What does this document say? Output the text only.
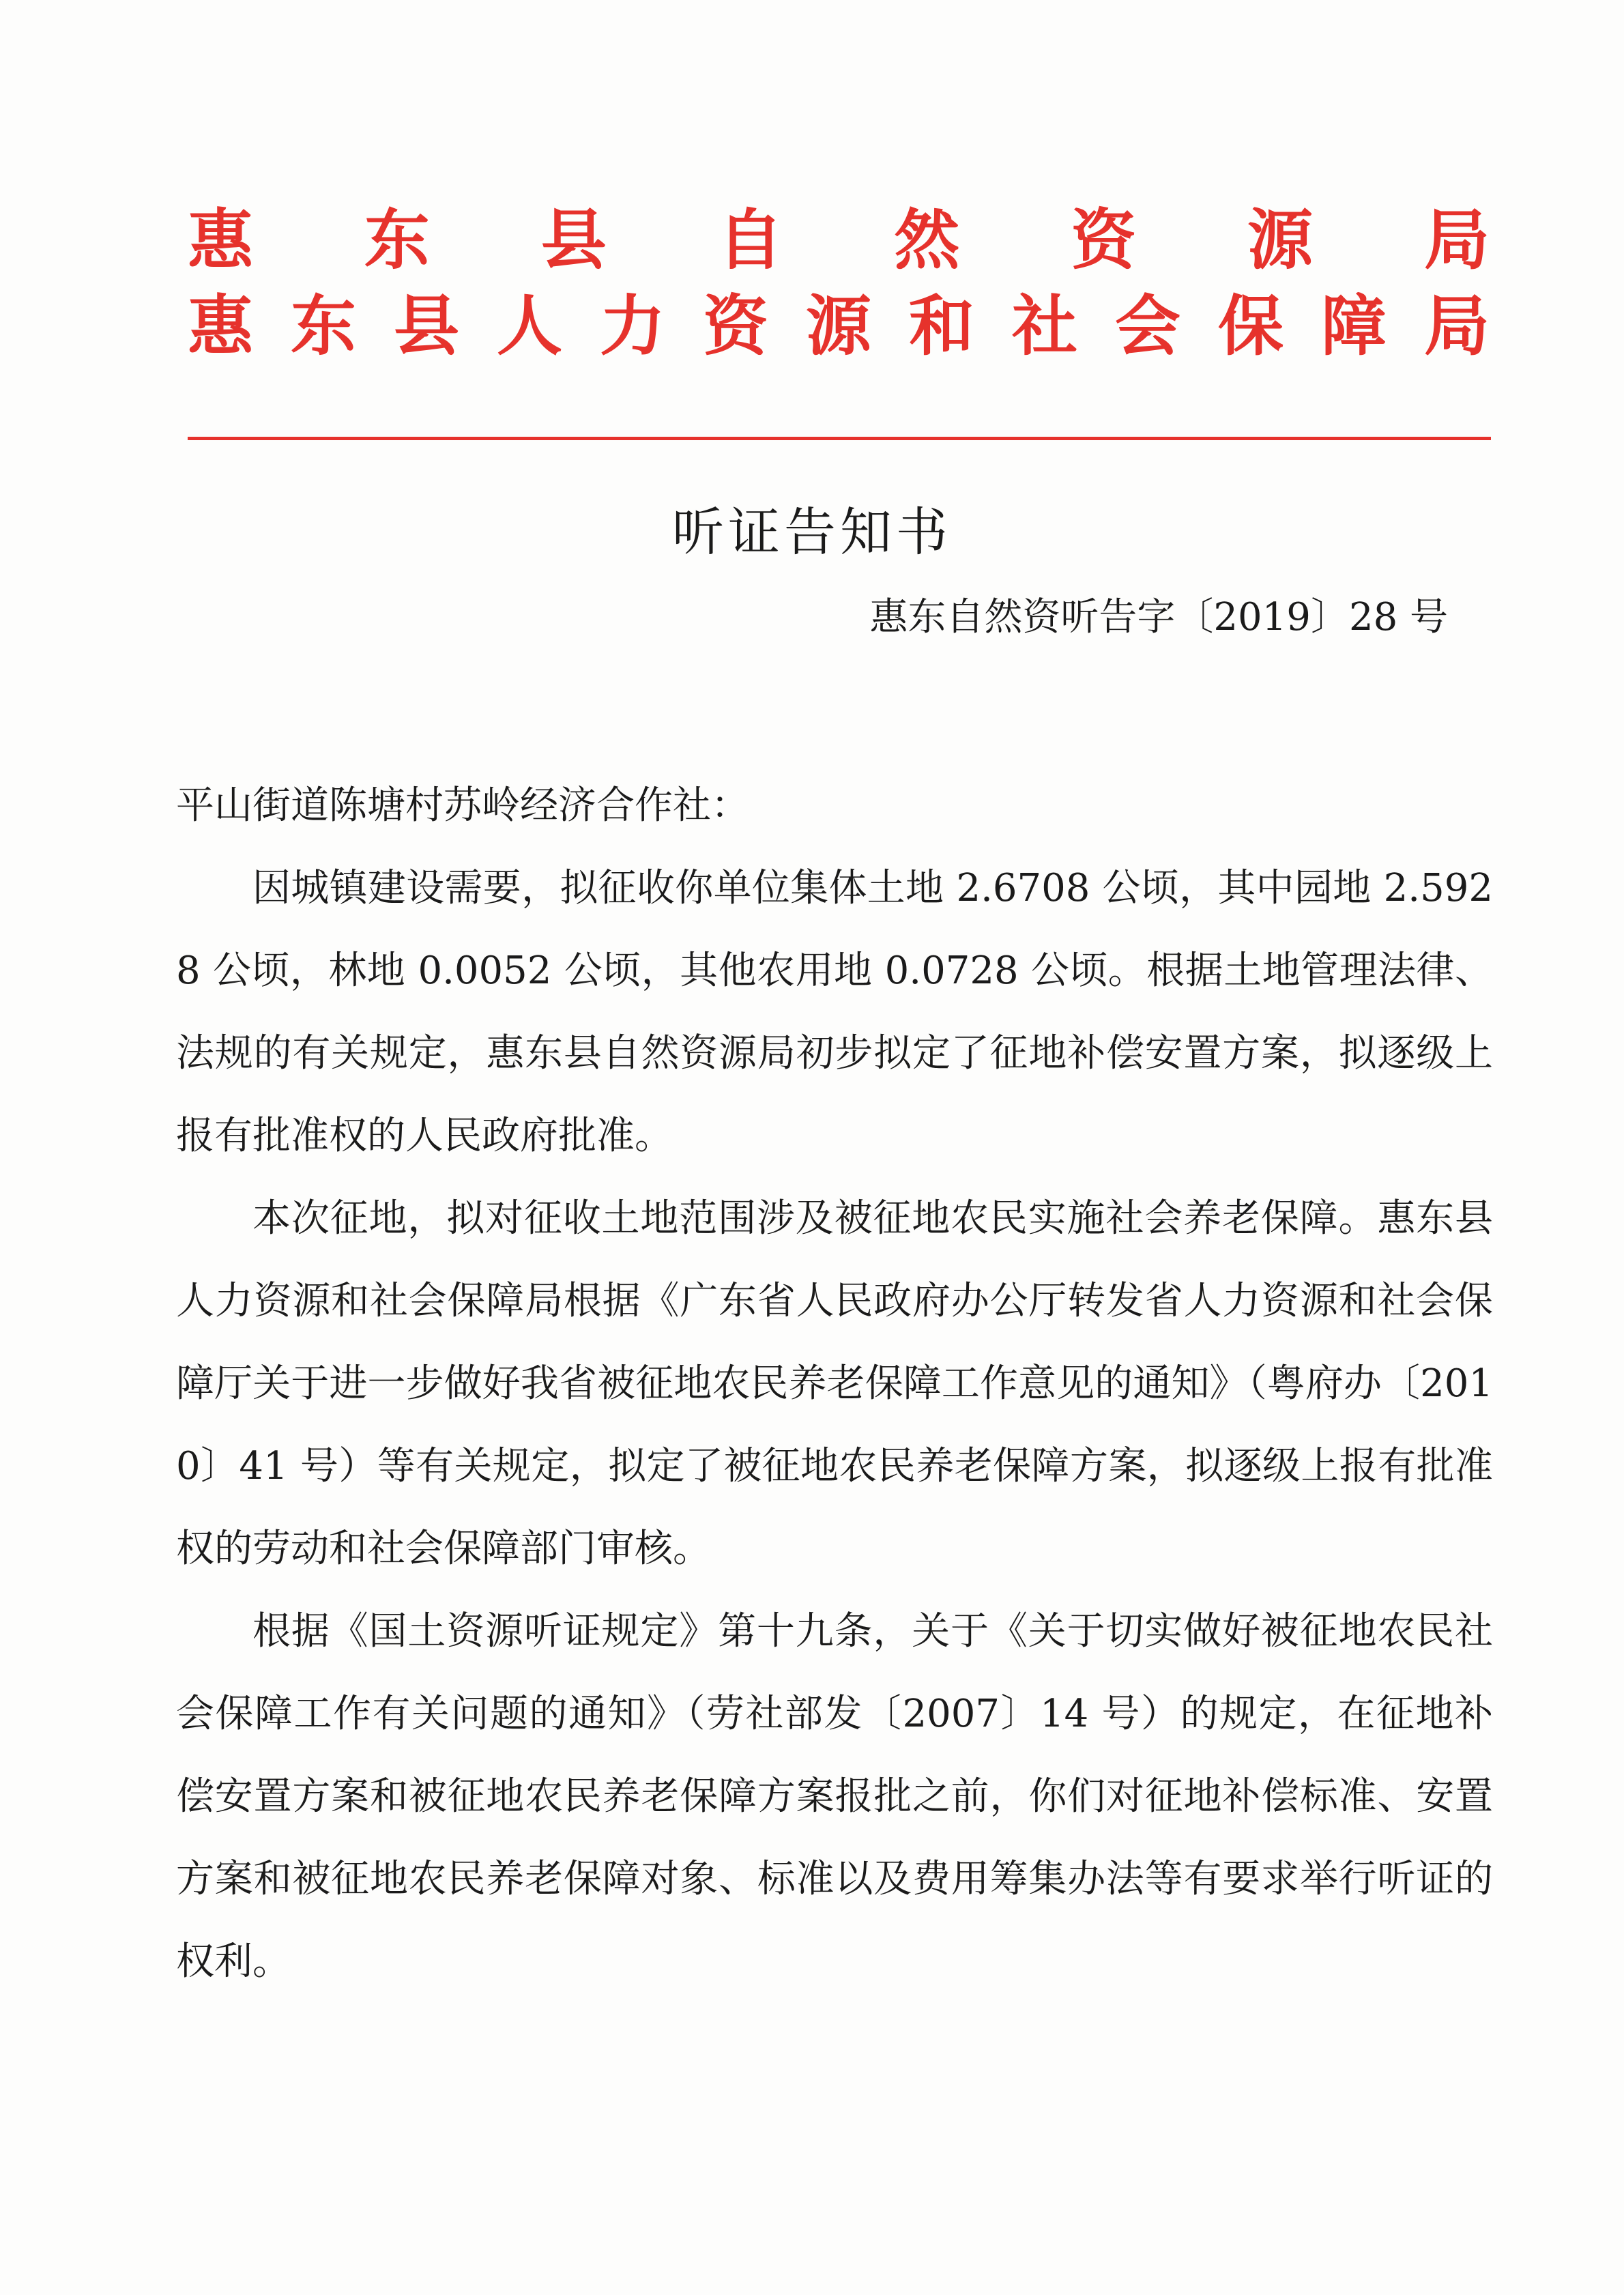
惠 东 县 自 然 资 源 局
惠东县人力资源和社会保障局
听证告知书
惠东自然资听告字〔2019〕28 号

平山街道陈塘村苏岭经济合作社：

因城镇建设需要，拟征收你单位集体土地 2.6708 公顷，其中园地 2.5928 公顷，林地 0.0052 公顷，其他农用地 0.0728 公顷。根据土地管理法律、法规的有关规定，惠东县自然资源局初步拟定了征地补偿安置方案，拟逐级上报有批准权的人民政府批准。

本次征地，拟对征收土地范围涉及被征地农民实施社会养老保障。惠东县人力资源和社会保障局根据《广东省人民政府办公厅转发省人力资源和社会保障厅关于进一步做好我省被征地农民养老保障工作意见的通知》（粤府办〔2010〕41 号）等有关规定，拟定了被征地农民养老保障方案，拟逐级上报有批准权的劳动和社会保障部门审核。

根据《国土资源听证规定》第十九条，关于《关于切实做好被征地农民社会保障工作有关问题的通知》（劳社部发〔2007〕14 号）的规定，在征地补偿安置方案和被征地农民养老保障方案报批之前，你们对征地补偿标准、安置方案和被征地农民养老保障对象、标准以及费用筹集办法等有要求举行听证的权利。
